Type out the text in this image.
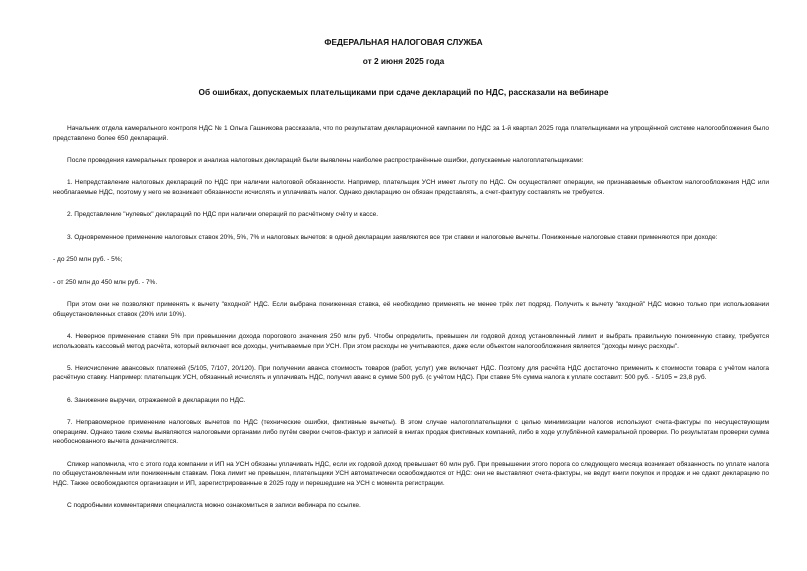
ФЕДЕРАЛЬНАЯ НАЛОГОВАЯ СЛУЖБА
от 2 июня 2025 года
Об ошибках, допускаемых плательщиками при сдаче деклараций по НДС, рассказали на вебинаре

Начальник отдела камерального контроля НДС № 1 Ольга Гашникова рассказала, что по результатам декларационной кампании по НДС за 1-й квартал 2025 года плательщиками на упрощённой системе налогообложения было представлено более 650 деклараций.

После проведения камеральных проверок и анализа налоговых деклараций были выявлены наиболее распространённые ошибки, допускаемые налогоплательщиками:

1. Непредставление налоговых деклараций по НДС при наличии налоговой обязанности. Например, плательщик УСН имеет льготу по НДС. Он осуществляет операции, не признаваемые объектом налогообложения НДС или необлагаемые НДС, поэтому у него не возникает обязанности исчислять и уплачивать налог. Однако декларацию он обязан представлять, а счет-фактуру составлять не требуется.

2. Представление "нулевых" деклараций по НДС при наличии операций по расчётному счёту и кассе.

3. Одновременное применение налоговых ставок 20%, 5%, 7% и налоговых вычетов: в одной декларации заявляются все три ставки и налоговые вычеты. Пониженные налоговые ставки применяются при доходе:

- до 250 млн руб. - 5%;

- от 250 млн до 450 млн руб. - 7%.

При этом они не позволяют применять к вычету "входной" НДС. Если выбрана пониженная ставка, её необходимо применять не менее трёх лет подряд. Получить к вычету "входной" НДС можно только при использовании общеустановленных ставок (20% или 10%).

4. Неверное применение ставки 5% при превышении дохода порогового значения 250 млн руб. Чтобы определить, превышен ли годовой доход установленный лимит и выбрать правильную пониженную ставку, требуется использовать кассовый метод расчёта, который включает все доходы, учитываемые при УСН. При этом расходы не учитываются, даже если объектом налогообложения является "доходы минус расходы".

5. Неисчисление авансовых платежей (5/105, 7/107, 20/120). При получении аванса стоимость товаров (работ, услуг) уже включает НДС. Поэтому для расчёта НДС достаточно применить к стоимости товара с учётом налога расчётную ставку. Например: плательщик УСН, обязанный исчислять и уплачивать НДС, получил аванс в сумме 500 руб. (с учётом НДС). При ставке 5% сумма налога к уплате составит: 500 руб. - 5/105 = 23,8 руб.

6. Занижение выручки, отражаемой в декларации по НДС.

7. Неправомерное применение налоговых вычетов по НДС (технические ошибки, фиктивные вычеты). В этом случае налогоплательщики с целью минимизации налогов используют счета-фактуры по несуществующим операциям. Однако такие схемы выявляются налоговыми органами либо путём сверки счетов-фактур и записей в книгах продаж фиктивных компаний, либо в ходе углублённой камеральной проверки. По результатам проверки сумма необоснованного вычета доначисляется.

Спикер напомнила, что с этого года компании и ИП на УСН обязаны уплачивать НДС, если их годовой доход превышает 60 млн руб. При превышении этого порога со следующего месяца возникает обязанность по уплате налога по общеустановленным или пониженным ставкам. Пока лимит не превышен, плательщики УСН автоматически освобождаются от НДС: они не выставляют счета-фактуры, не ведут книги покупок и продаж и не сдают декларацию по НДС. Также освобождаются организации и ИП, зарегистрированные в 2025 году и перешедшие на УСН с момента регистрации.

С подробными комментариями специалиста можно ознакомиться в записи вебинара по ссылке.
